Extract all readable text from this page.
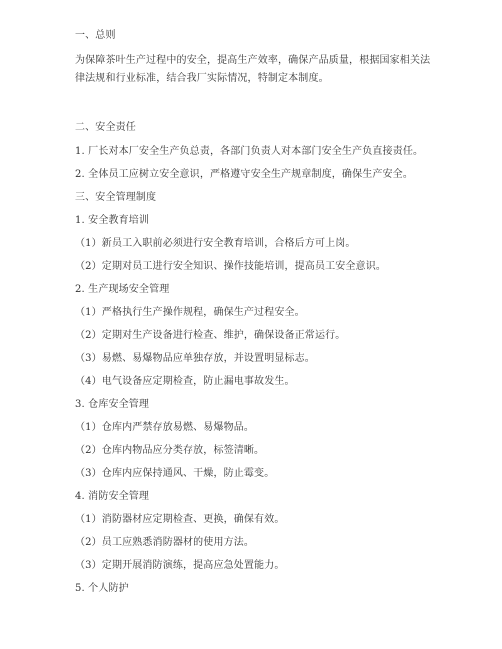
一、总则
为保障茶叶生产过程中的安全，提高生产效率，确保产品质量，根据国家相关法律法规和行业标准，结合我厂实际情况，特制定本制度。
二、安全责任
1. 厂长对本厂安全生产负总责，各部门负责人对本部门安全生产负直接责任。
2. 全体员工应树立安全意识，严格遵守安全生产规章制度，确保生产安全。
三、安全管理制度
1. 安全教育培训
（1）新员工入职前必须进行安全教育培训，合格后方可上岗。
（2）定期对员工进行安全知识、操作技能培训，提高员工安全意识。
2. 生产现场安全管理
（1）严格执行生产操作规程，确保生产过程安全。
（2）定期对生产设备进行检查、维护，确保设备正常运行。
（3）易燃、易爆物品应单独存放，并设置明显标志。
（4）电气设备应定期检查，防止漏电事故发生。
3. 仓库安全管理
（1）仓库内严禁存放易燃、易爆物品。
（2）仓库内物品应分类存放，标签清晰。
（3）仓库内应保持通风、干燥，防止霉变。
4. 消防安全管理
（1）消防器材应定期检查、更换，确保有效。
（2）员工应熟悉消防器材的使用方法。
（3）定期开展消防演练，提高应急处置能力。
5. 个人防护
